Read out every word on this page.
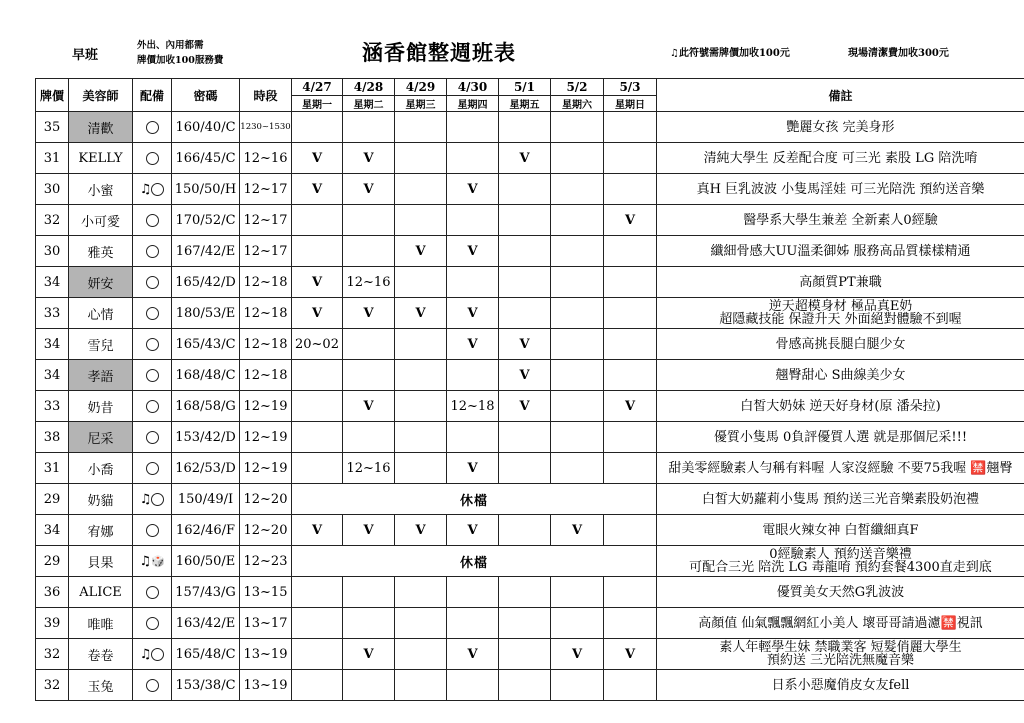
早班
外出、內用都需
牌價加收100服務費	涵香館整週班表	♫此符號需牌價加收100元	現場清潔費加收300元
牌價	美容師	配備	密碼	時段	4/27	4/28	4/29	4/30	5/1	5/2	5/3	備註
					星期一	星期二	星期三	星期四	星期五	星期六	星期日	
35	清歡		160/40/C	1230~1530								艷麗女孩 完美身形

31	KELLY		166/45/C	12~16	V	V			V			清純大學生 反差配合度 可三光 素股 LG 陪洗唷

30	小蜜	♫	150/50/H	12~17	V	V		V				真H 巨乳波波 小隻馬淫娃 可三光陪洗 預約送音樂

32	小可愛		170/52/C	12~17							V	醫學系大學生兼差 全新素人0經驗

30	雅英		167/42/E	12~17			V	V				纖細骨感大UU溫柔御姊 服務高品質樣樣精通

34	妍安		165/42/D	12~18	V	12~16						高顏質PT兼職

33	心情		180/53/E	12~18	V	V	V	V				逆天超模身材 極品真E奶
超隱藏技能 保證升天 外面絕對體驗不到喔

34	雪兒		165/43/C	12~18	20~02			V	V			骨感高挑長腿白腿少女

34	孝語		168/48/C	12~18					V			翹臀甜心 S曲線美少女

33	奶昔		168/58/G	12~19		V		12~18	V		V	白皙大奶妹 逆天好身材(原 潘朵拉)

38	尼采		153/42/D	12~19								優質小隻馬 0負評優質人選 就是那個尼采!!!

31	小喬		162/53/D	12~19		12~16		V				甜美零經驗素人勻稱有料喔 人家沒經驗 不要75我喔 🈲翹臀

29	奶貓	♫	150/49/I	12~20	休檔							白皙大奶蘿莉小隻馬 預約送三光音樂素股奶泡禮

34	宥娜		162/46/F	12~20	V	V	V	V		V		電眼火辣女神 白皙纖細真F

29	貝果	♫🎲	160/50/E	12~23	休檔							0經驗素人 預約送音樂禮
可配合三光 陪洗 LG 毒龍唷 預約套餐4300直走到底

36	ALICE		157/43/G	13~15								優質美女天然G乳波波

39	唯唯		163/42/E	13~17								高顏值 仙氣飄飄網紅小美人 壞哥哥請過濾🈲視訊

32	卷卷	♫	165/48/C	13~19		V		V		V	V	素人年輕學生妹 禁職業客 短髮俏麗大學生
預約送 三光陪洗無魔音樂

32	玉兔		153/38/C	13~19								日系小惡魔俏皮女友fell
